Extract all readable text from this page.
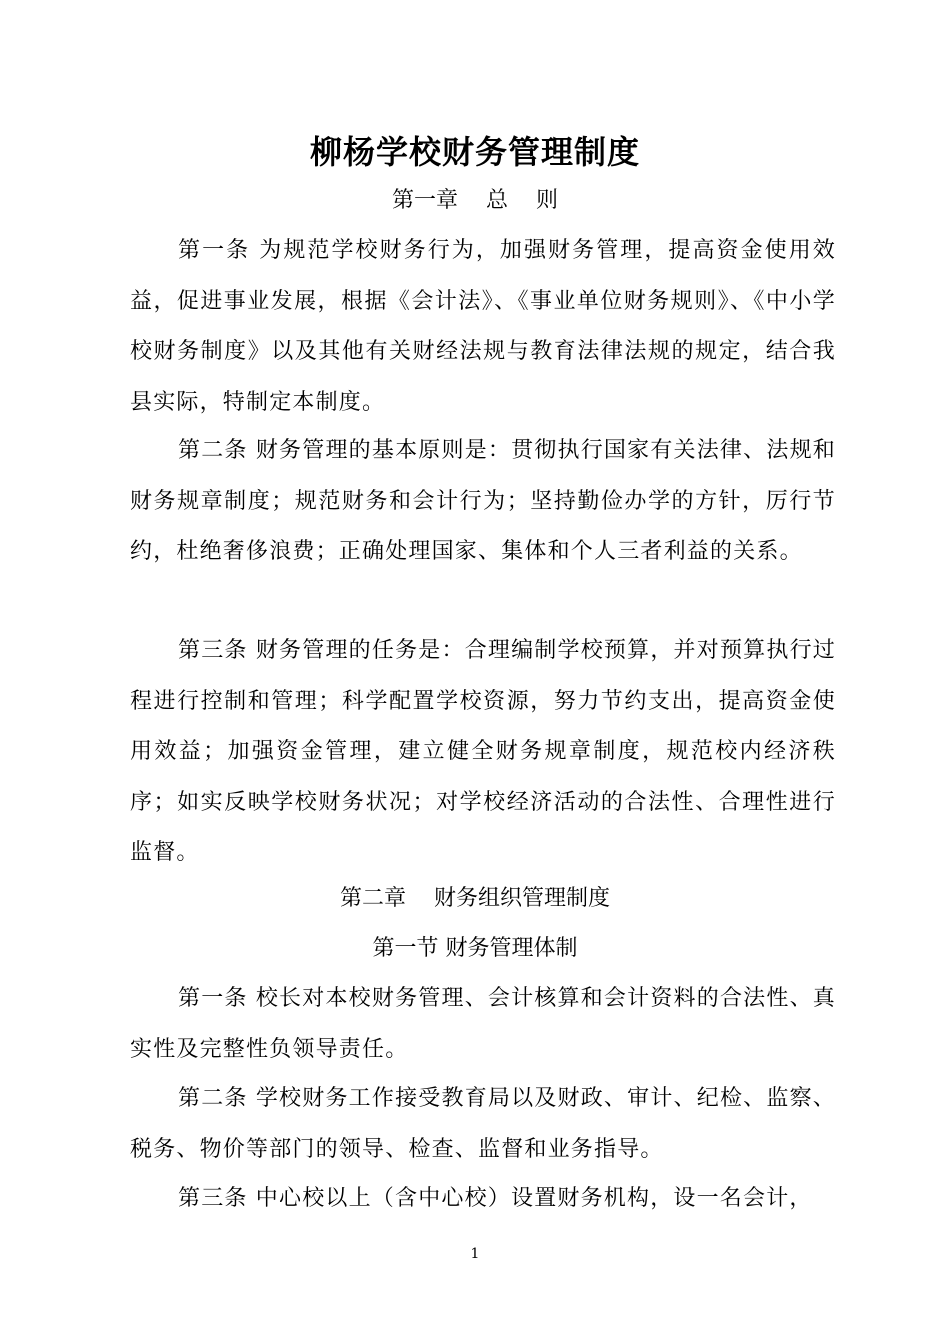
柳杨学校财务管理制度

第一章    总    则

第一条 为规范学校财务行为，加强财务管理，提高资金使用效益，促进事业发展，根据《会计法》、《事业单位财务规则》、《中小学校财务制度》以及其他有关财经法规与教育法律法规的规定，结合我县实际，特制定本制度。

第二条 财务管理的基本原则是：贯彻执行国家有关法律、法规和财务规章制度；规范财务和会计行为；坚持勤俭办学的方针，厉行节约，杜绝奢侈浪费；正确处理国家、集体和个人三者利益的关系。

第三条 财务管理的任务是：合理编制学校预算，并对预算执行过程进行控制和管理；科学配置学校资源，努力节约支出，提高资金使用效益；加强资金管理，建立健全财务规章制度，规范校内经济秩序；如实反映学校财务状况；对学校经济活动的合法性、合理性进行监督。

第二章    财务组织管理制度

第一节 财务管理体制

第一条 校长对本校财务管理、会计核算和会计资料的合法性、真实性及完整性负领导责任。

第二条 学校财务工作接受教育局以及财政、审计、纪检、监察、税务、物价等部门的领导、检查、监督和业务指导。

第三条 中心校以上（含中心校）设置财务机构，设一名会计，

1
